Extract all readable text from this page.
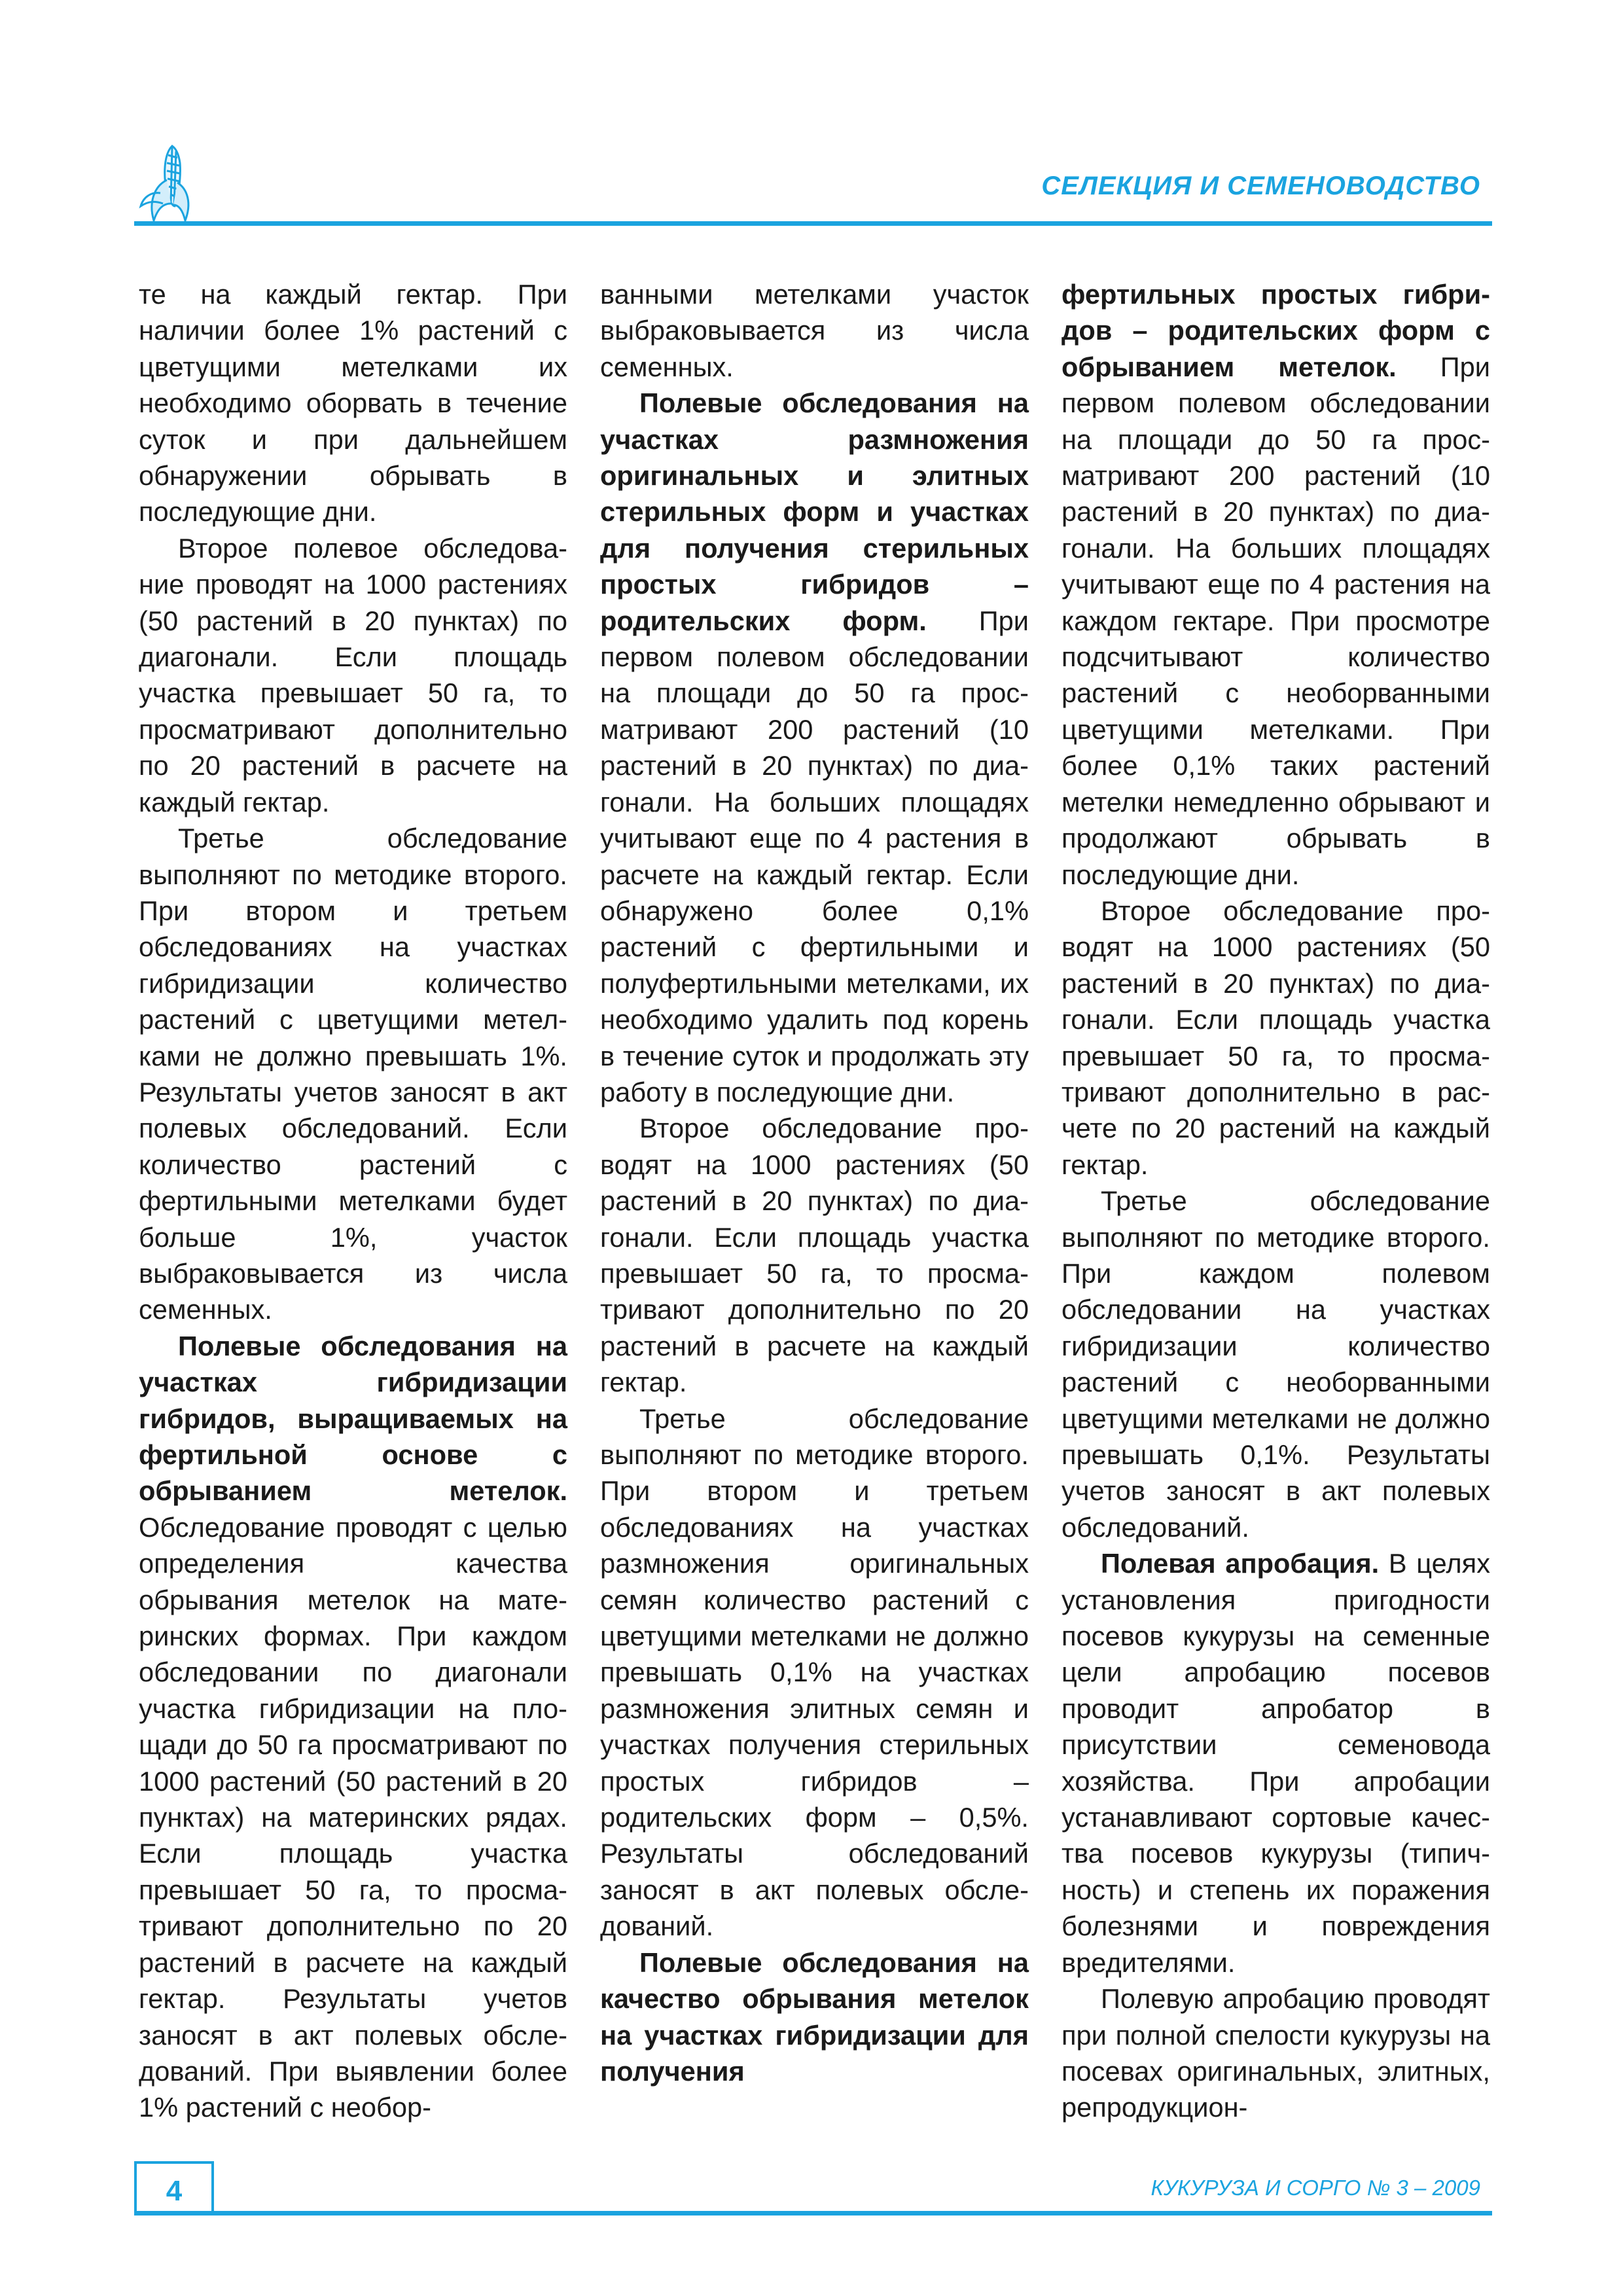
СЕЛЕКЦИЯ И СЕМЕНОВОДСТВО

те на каждый гектар. При наличии более 1% растений с цветущими метелками их необходимо оборвать в течение суток и при дальнейшем обнаружении обрывать в последующие дни.

Второе полевое обследование проводят на 1000 растениях (50 растений в 20 пунктах) по диагонали. Если площадь участка превышает 50 га, то просматривают дополнительно по 20 растений в расчете на каждый гектар.

Третье обследование выполняют по методике второго. При втором и третьем обследованиях на участках гибридизации количество растений с цветущими метелками не должно превышать 1%. Результаты учетов заносят в акт полевых обследований. Если количество растений с фертильными метелками будет больше 1%, участок выбраковывается из числа семенных.

Полевые обследования на участках гибридизации гибридов, выращиваемых на фертильной основе с обрыванием метелок. Обследование проводят с целью определения качества обрывания метелок на материнских формах. При каждом обследовании по диагонали участка гибридизации на площади до 50 га просматривают по 1000 растений (50 растений в 20 пунктах) на материнских рядах. Если площадь участка превышает 50 га, то просматривают дополнительно по 20 растений в расчете на каждый гектар. Результаты учетов заносят в акт полевых обследований. При выявлении более 1% растений с необор-

ванными метелками участок выбраковывается из числа семенных.

Полевые обследования на участках размножения оригинальных и элитных стерильных форм и участках для получения стерильных простых гибридов – родительских форм. При первом полевом обследовании на площади до 50 га просматривают 200 растений (10 растений в 20 пунктах) по диагонали. На больших площадях учитывают еще по 4 растения в расчете на каждый гектар. Если обнаружено более 0,1% растений с фертильными и полуфертильными метелками, их необходимо удалить под корень в течение суток и продолжать эту работу в последующие дни.

Второе обследование проводят на 1000 растениях (50 растений в 20 пунктах) по диагонали. Если площадь участка превышает 50 га, то просматривают дополнительно по 20 растений в расчете на каждый гектар.

Третье обследование выполняют по методике второго. При втором и третьем обследованиях на участках размножения оригинальных семян количество растений с цветущими метелками не должно превышать 0,1% на участках размножения элитных семян и участках получения стерильных простых гибридов – родительских форм – 0,5%. Результаты обследований заносят в акт полевых обследований.

Полевые обследования на качество обрывания метелок на участках гибридизации для получения

фертильных простых гибридов – родительских форм с обрыванием метелок. При первом полевом обследовании на площади до 50 га просматривают 200 растений (10 растений в 20 пунктах) по диагонали. На больших площадях учитывают еще по 4 растения на каждом гектаре. При просмотре подсчитывают количество растений с необорванными цветущими метелками. При более 0,1% таких растений метелки немедленно обрывают и продолжают обрывать в последующие дни.

Второе обследование проводят на 1000 растениях (50 растений в 20 пунктах) по диагонали. Если площадь участка превышает 50 га, то просматривают дополнительно в расчете по 20 растений на каждый гектар.

Третье обследование выполняют по методике второго. При каждом полевом обследовании на участках гибридизации количество растений с необорванными цветущими метелками не должно превышать 0,1%. Результаты учетов заносят в акт полевых обследований.

Полевая апробация. В целях установления пригодности посевов кукурузы на семенные цели апробацию посевов проводит апробатор в присутствии семеновода хозяйства. При апробации устанавливают сортовые качества посевов кукурузы (типичность) и степень их поражения болезнями и повреждения вредителями.

Полевую апробацию проводят при полной спелости кукурузы на посевах оригинальных, элитных, репродукцион-

4	КУКУРУЗА И СОРГО № 3 – 2009
